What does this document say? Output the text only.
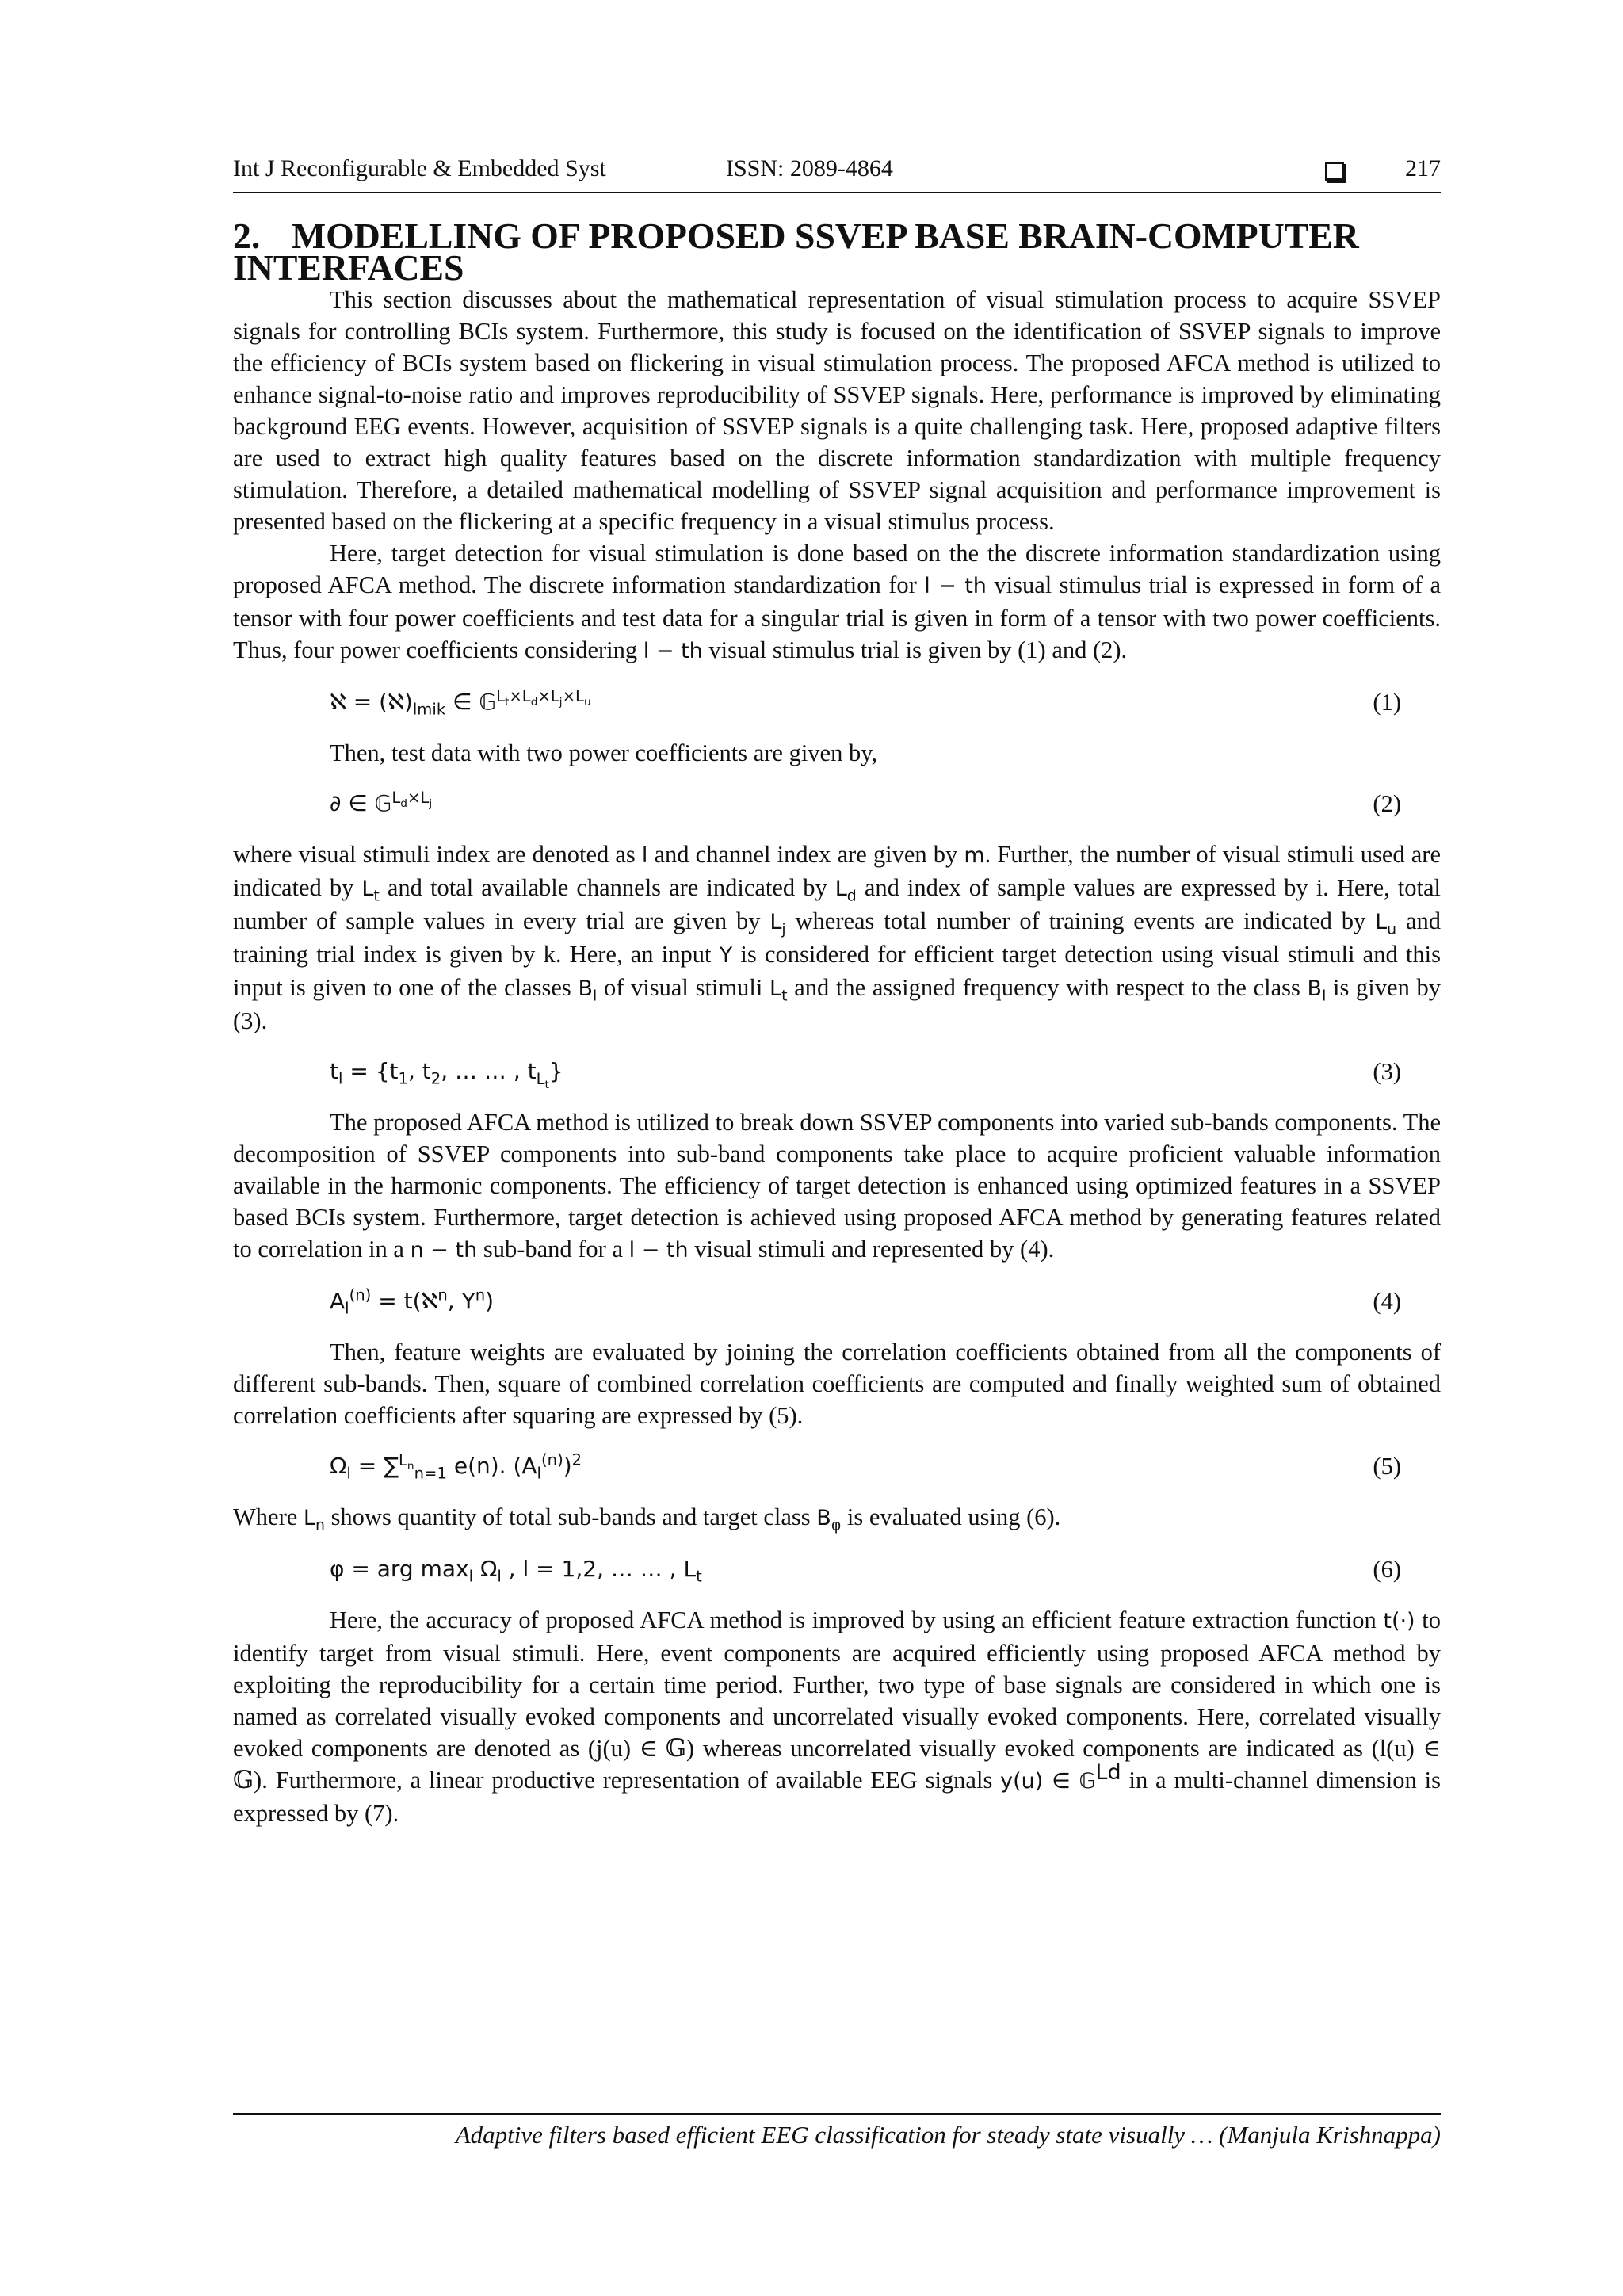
Int J Reconfigurable & Embedded Syst	ISSN: 2089-4864	217
2. MODELLING OF PROPOSED SSVEP BASE BRAIN-COMPUTER INTERFACES

This section discusses about the mathematical representation of visual stimulation process to acquire SSVEP signals for controlling BCIs system. Furthermore, this study is focused on the identification of SSVEP signals to improve the efficiency of BCIs system based on flickering in visual stimulation process. The proposed AFCA method is utilized to enhance signal-to-noise ratio and improves reproducibility of SSVEP signals. Here, performance is improved by eliminating background EEG events. However, acquisition of SSVEP signals is a quite challenging task. Here, proposed adaptive filters are used to extract high quality features based on the discrete information standardization with multiple frequency stimulation. Therefore, a detailed mathematical modelling of SSVEP signal acquisition and performance improvement is presented based on the flickering at a specific frequency in a visual stimulus process.

Here, target detection for visual stimulation is done based on the the discrete information standardization using proposed AFCA method. The discrete information standardization for l − th visual stimulus trial is expressed in form of a tensor with four power coefficients and test data for a singular trial is given in form of a tensor with two power coefficients. Thus, four power coefficients considering l − th visual stimulus trial is given by (1) and (2).

ℵ = $(ℵ)_{lmik}$ ∈ 𝔾$^{L_t\times L_d\times L_j\times L_u}$	(1)

Then, test data with two power coefficients are given by,

∂ ∈ 𝔾$^{L_d\times L_j}$	(2)

where visual stimuli index are denoted as l and channel index are given by m. Further, the number of visual stimuli used are indicated by $L_t$ and total available channels are indicated by $L_d$ and index of sample values are expressed by i. Here, total number of sample values in every trial are given by $L_j$ whereas total number of training events are indicated by $L_u$ and training trial index is given by k. Here, an input Y is considered for efficient target detection using visual stimuli and this input is given to one of the classes $B_l$ of visual stimuli $L_t$ and the assigned frequency with respect to the class $B_l$ is given by (3).

$t_l = \{t_1$, $t_2$, … … , $t_{L_t}$}	(3)

The proposed AFCA method is utilized to break down SSVEP components into varied sub-bands components. The decomposition of SSVEP components into sub-band components take place to acquire proficient valuable information available in the harmonic components. The efficiency of target detection is enhanced using optimized features in a SSVEP based BCIs system. Furthermore, target detection is achieved using proposed AFCA method by generating features related to correlation in a n − th sub-band for a l − th visual stimuli and represented by (4).

$A_l^{(n)}$ = t(ℵ$^n$, $Y^n$)	(4)

Then, feature weights are evaluated by joining the correlation coefficients obtained from all the components of different sub-bands. Then, square of combined correlation coefficients are computed and finally weighted sum of obtained correlation coefficients after squaring are expressed by (5).

$\Omega_l = \sum^{L_n}_{n=1}$ e(n). $(A_l^{(n)})^2$	(5)

Where $L_n$ shows quantity of total sub-bands and target class $B_\varphi$ is evaluated using (6).

φ = arg $\max_l \Omega_l$ , l = 1,2, … … , $L_t$	(6)

Here, the accuracy of proposed AFCA method is improved by using an efficient feature extraction function t(·) to identify target from visual stimuli. Here, event components are acquired efficiently using proposed AFCA method by exploiting the reproducibility for a certain time period. Further, two type of base signals are considered in which one is named as correlated visually evoked components and uncorrelated visually evoked components. Here, correlated visually evoked components are denoted as (j(u) ∈ 𝔾) whereas uncorrelated visually evoked components are indicated as (l(u) ∈ 𝔾). Furthermore, a linear productive representation of available EEG signals y(u) ∈ 𝔾$^{Ld}$ in a multi-channel dimension is expressed by (7).

Adaptive filters based efficient EEG classification for steady state visually … (Manjula Krishnappa)
